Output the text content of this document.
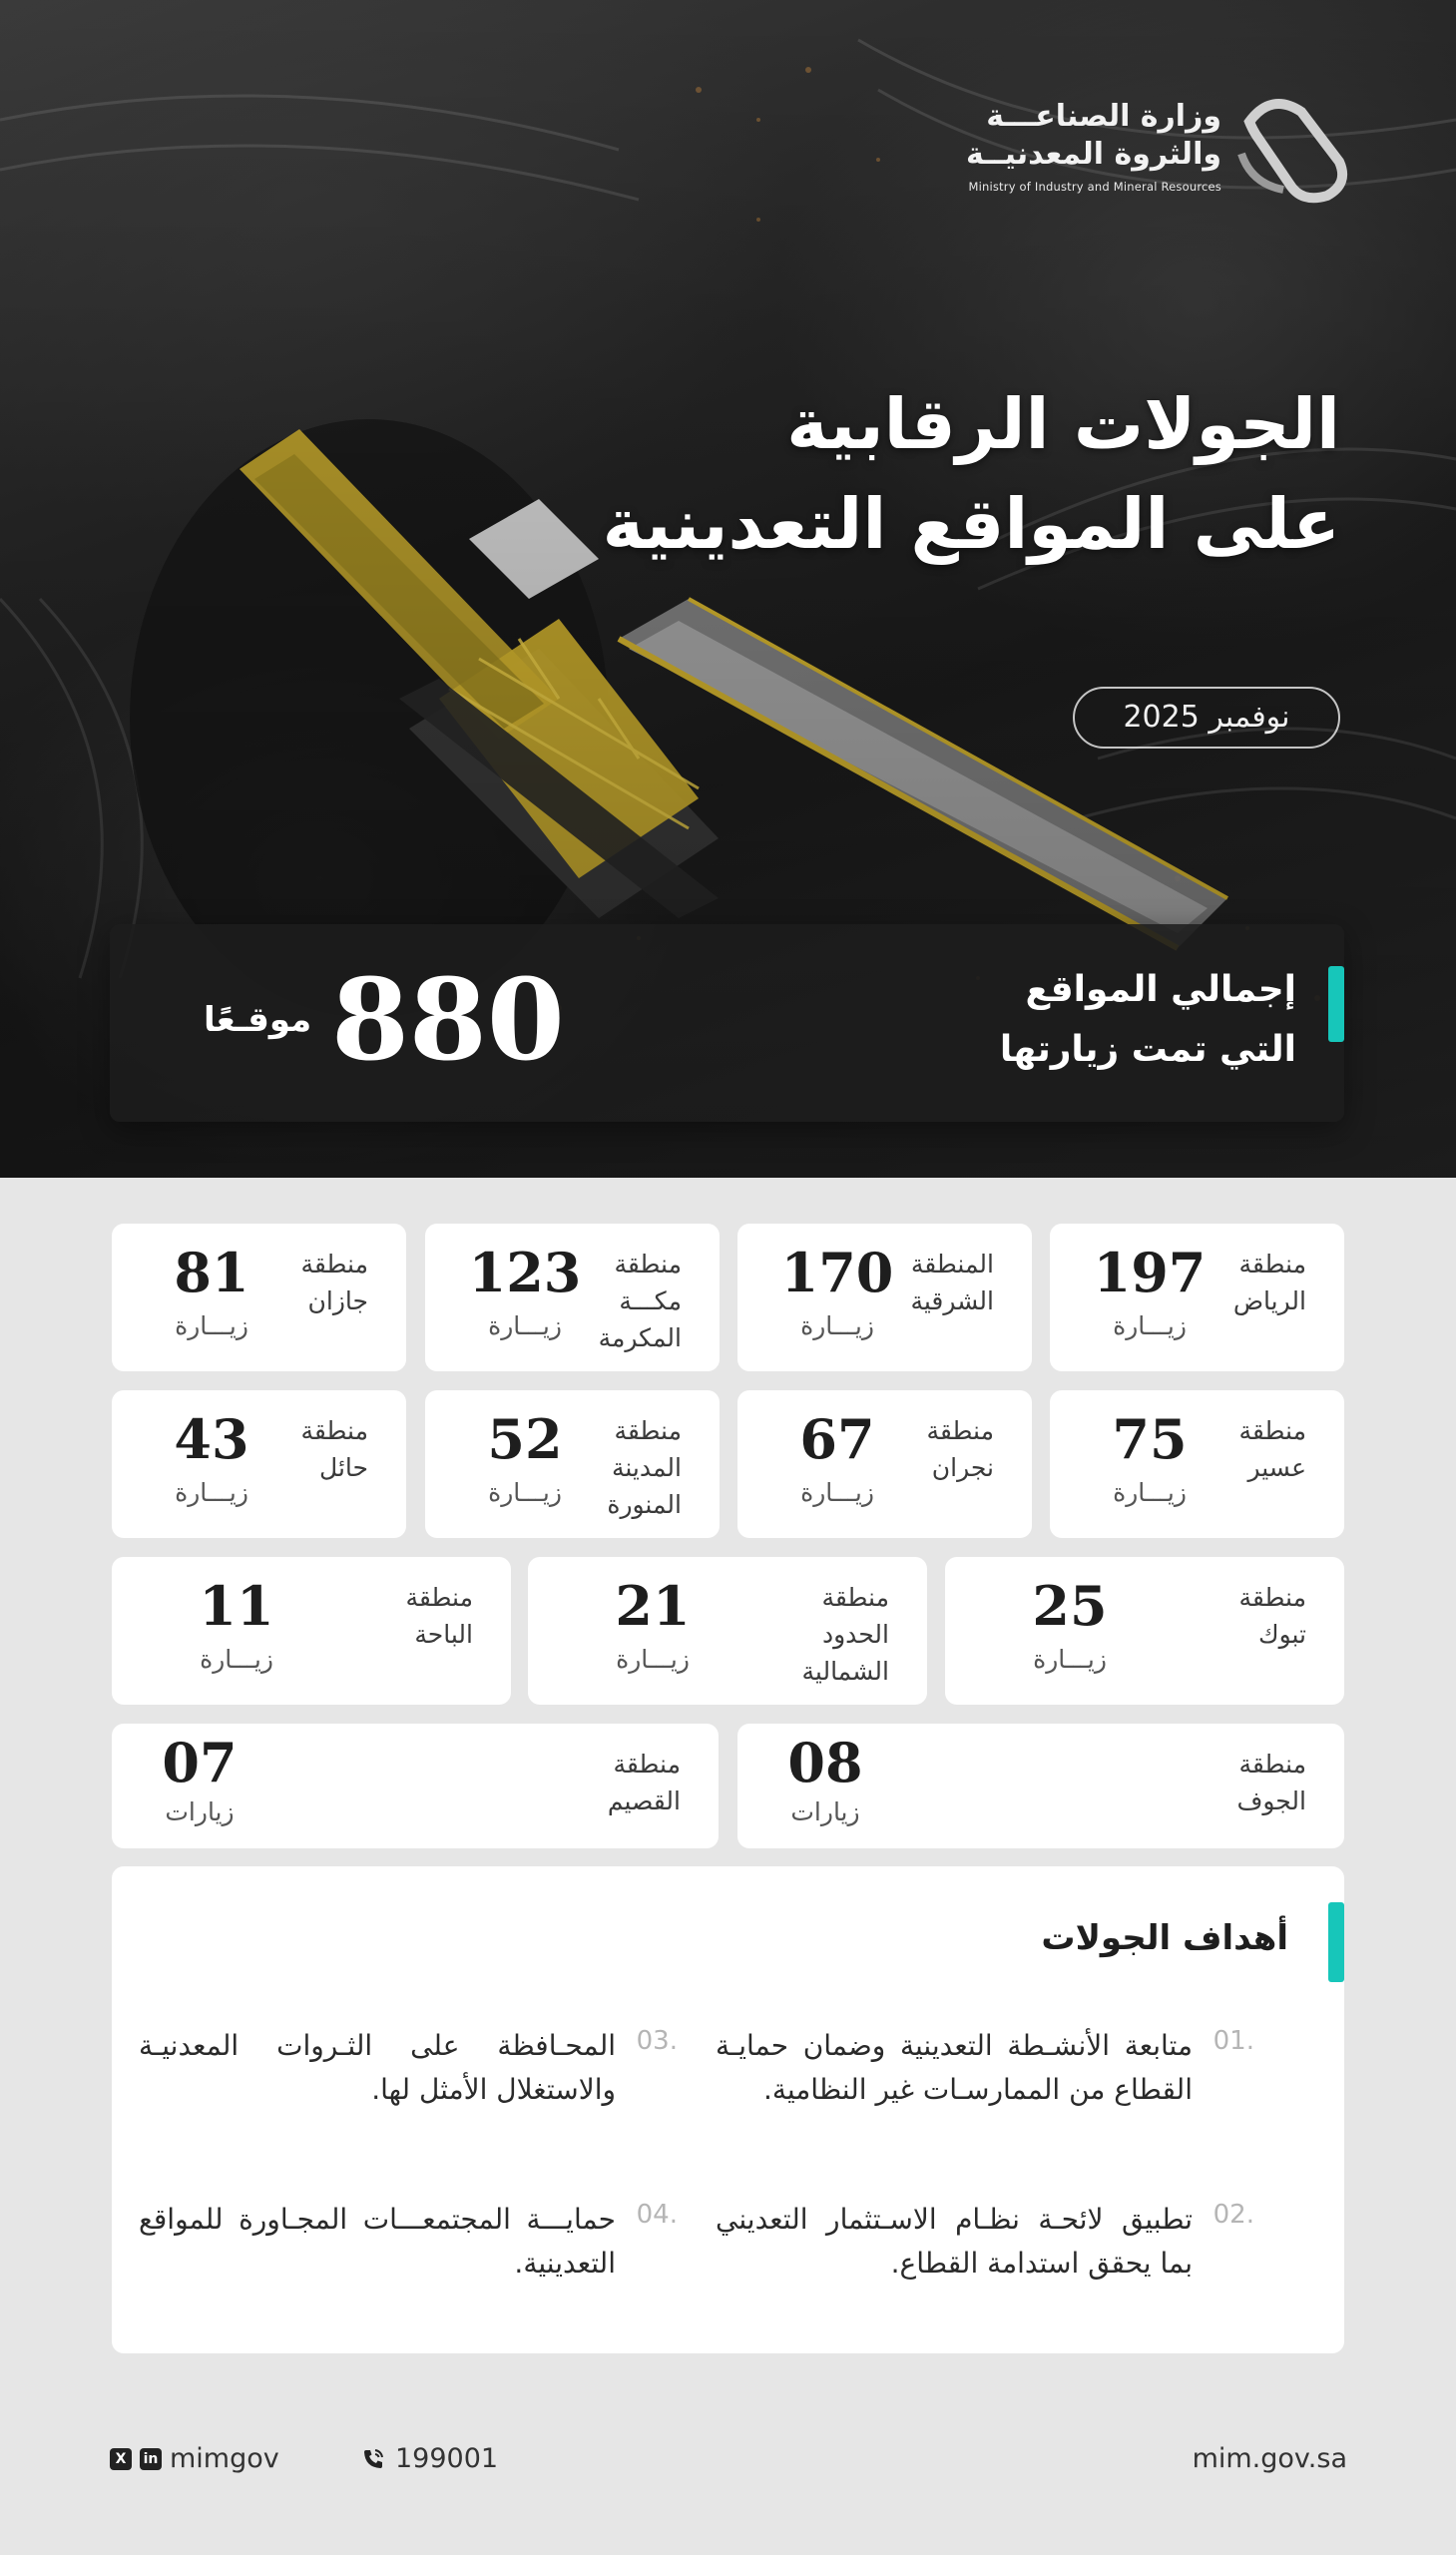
وزارة الصناعـــة
والثروة المعدنيــة
Ministry of Industry and Mineral Resources
الجولات الرقابية
على المواقع التعدينية
نوفمبر 2025
إجمالي المواقع
التي تمت زيارتها
880
موقـعًا
منطقة
الرياض
197
زيـــارة
المنطقة
الشرقية
170
زيـــارة
منطقة
مكـــة
المكرمة
123
زيـــارة
منطقة
جازان
81
زيـــارة
منطقة
عسير
75
زيـــارة
منطقة
نجران
67
زيـــارة
منطقة
المدينة
المنورة
52
زيـــارة
منطقة
حائل
43
زيـــارة
منطقة
تبوك
25
زيـــارة
منطقة
الحدود
الشمالية
21
زيـــارة
منطقة
الباحة
11
زيـــارة
منطقة
الجوف
08
زيارات
منطقة
القصيم
07
زيارات
أهداف الجولات
01.

متابعة الأنشـطة التعدينية وضمان حمايـة القطاع من الممارسـات غير النظامية.

02.

تطبيق لائحـة نظـام الاسـتثمار التعديني بما يحقق استدامة القطاع.

03.

المحـافظة على الثـروات المعدنيـة والاستغلال الأمثل لها.

04.

حمايـــة المجتمعـــات المجـاورة للمواقع التعدينية.

X	in mimgov	199001	mim.gov.sa
